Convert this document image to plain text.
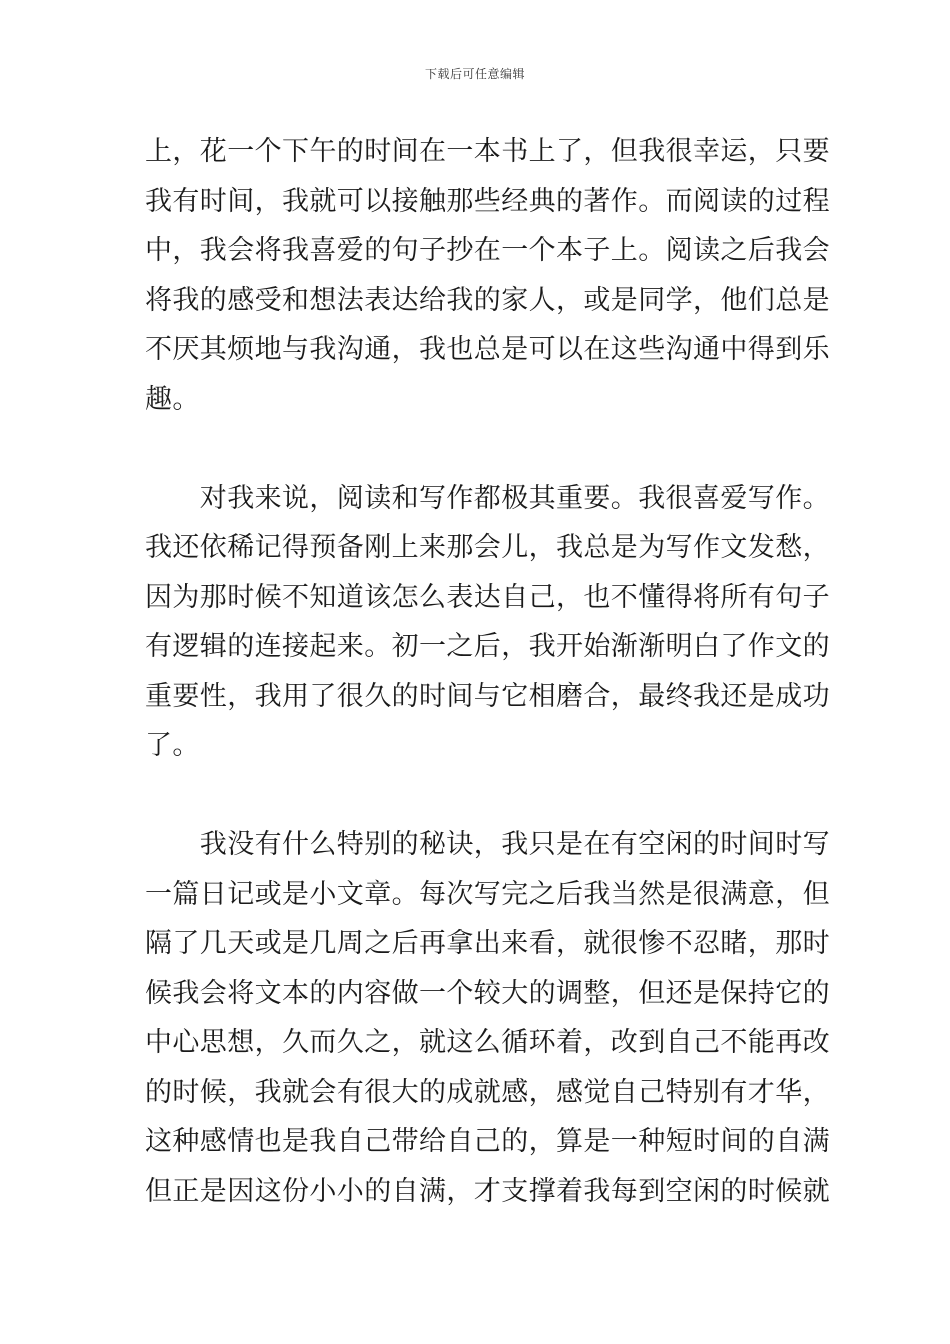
下载后可任意编辑
上，花一个下午的时间在一本书上了，但我很幸运，只要
我有时间，我就可以接触那些经典的著作。而阅读的过程
中，我会将我喜爱的句子抄在一个本子上。阅读之后我会
将我的感受和想法表达给我的家人，或是同学，他们总是
不厌其烦地与我沟通，我也总是可以在这些沟通中得到乐
趣。
　　对我来说，阅读和写作都极其重要。我很喜爱写作。
我还依稀记得预备刚上来那会儿，我总是为写作文发愁，
因为那时候不知道该怎么表达自己，也不懂得将所有句子
有逻辑的连接起来。初一之后，我开始渐渐明白了作文的
重要性，我用了很久的时间与它相磨合，最终我还是成功
了。
　　我没有什么特别的秘诀，我只是在有空闲的时间时写
一篇日记或是小文章。每次写完之后我当然是很满意，但
隔了几天或是几周之后再拿出来看，就很惨不忍睹，那时
候我会将文本的内容做一个较大的调整，但还是保持它的
中心思想，久而久之，就这么循环着，改到自己不能再改
的时候，我就会有很大的成就感，感觉自己特别有才华，
这种感情也是我自己带给自己的，算是一种短时间的自满
但正是因这份小小的自满，才支撑着我每到空闲的时候就
